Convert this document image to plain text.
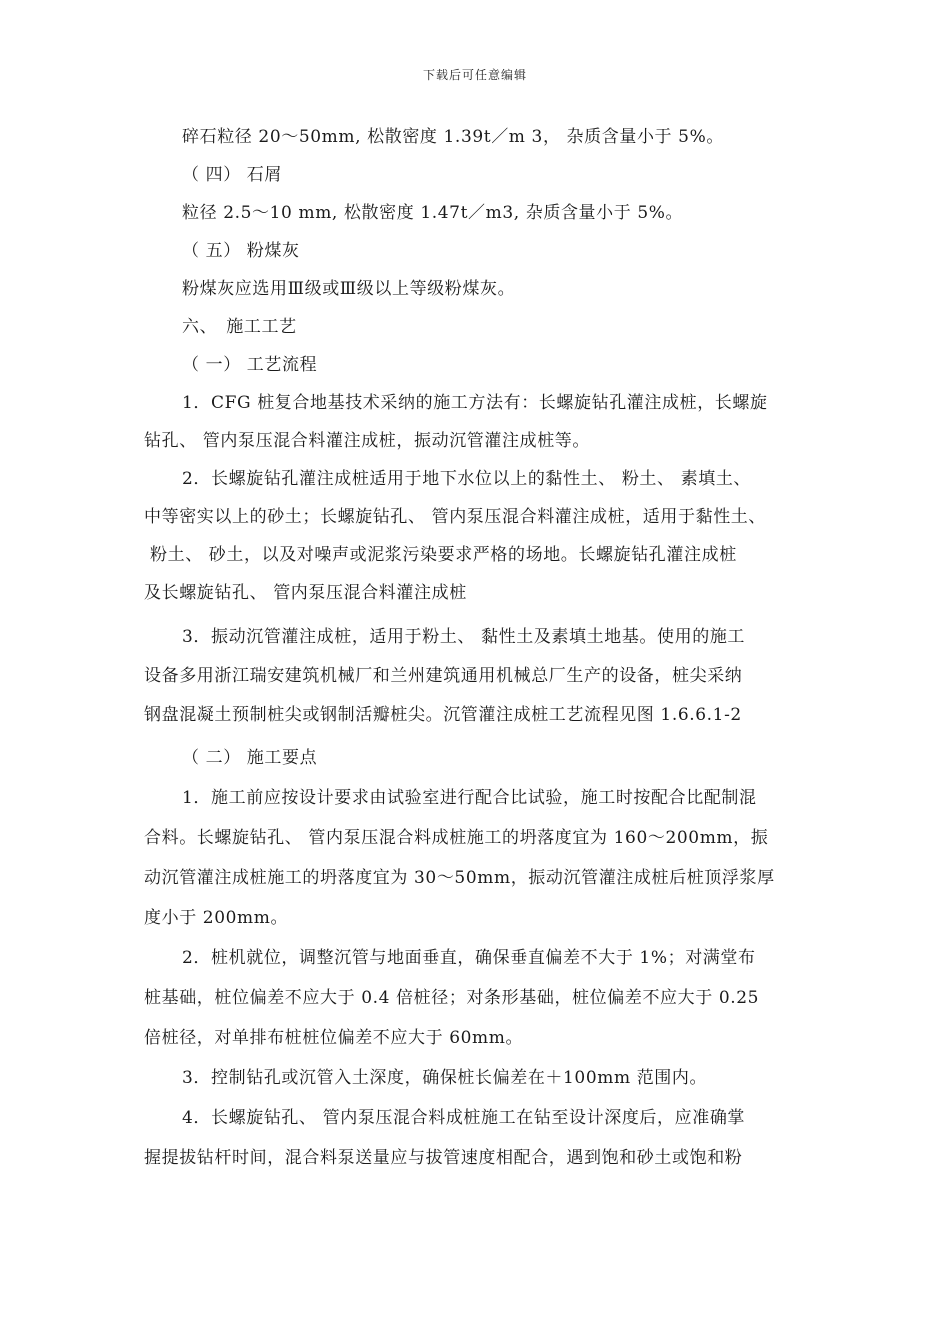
下载后可任意编辑
碎石粒径 20～50mm, 松散密度 1.39t／m 3， 杂质含量小于 5%。
（ 四） 石屑
粒径 2.5～10 mm, 松散密度 1.47t／m3, 杂质含量小于 5%。
（ 五） 粉煤灰
粉煤灰应选用Ⅲ级或Ⅲ级以上等级粉煤灰。
六、　施工工艺
（ 一） 工艺流程
1．CFG 桩复合地基技术采纳的施工方法有：长螺旋钻孔灌注成桩，长螺旋
钻孔、 管内泵压混合料灌注成桩，振动沉管灌注成桩等。
2．长螺旋钻孔灌注成桩适用于地下水位以上的黏性土、 粉土、 素填土、
中等密实以上的砂土；长螺旋钻孔、 管内泵压混合料灌注成桩，适用于黏性土、
粉土、 砂土，以及对噪声或泥浆污染要求严格的场地。长螺旋钻孔灌注成桩
及长螺旋钻孔、 管内泵压混合料灌注成桩
3．振动沉管灌注成桩，适用于粉土、 黏性土及素填土地基。使用的施工
设备多用浙江瑞安建筑机械厂和兰州建筑通用机械总厂生产的设备，桩尖采纳
钢盘混凝土预制桩尖或钢制活瓣桩尖。沉管灌注成桩工艺流程见图 1.6.6.1-2
（ 二） 施工要点
1．施工前应按设计要求由试验室进行配合比试验，施工时按配合比配制混
合料。长螺旋钻孔、 管内泵压混合料成桩施工的坍落度宜为 160～200mm，振
动沉管灌注成桩施工的坍落度宜为 30～50mm，振动沉管灌注成桩后桩顶浮浆厚
度小于 200mm。
2．桩机就位，调整沉管与地面垂直，确保垂直偏差不大于 1%；对满堂布
桩基础，桩位偏差不应大于 0.4 倍桩径；对条形基础，桩位偏差不应大于 0.25
倍桩径，对单排布桩桩位偏差不应大于 60mm。
3．控制钻孔或沉管入土深度，确保桩长偏差在＋100mm 范围内。
4．长螺旋钻孔、 管内泵压混合料成桩施工在钻至设计深度后，应准确掌
握提拔钻杆时间，混合料泵送量应与拔管速度相配合，遇到饱和砂土或饱和粉
